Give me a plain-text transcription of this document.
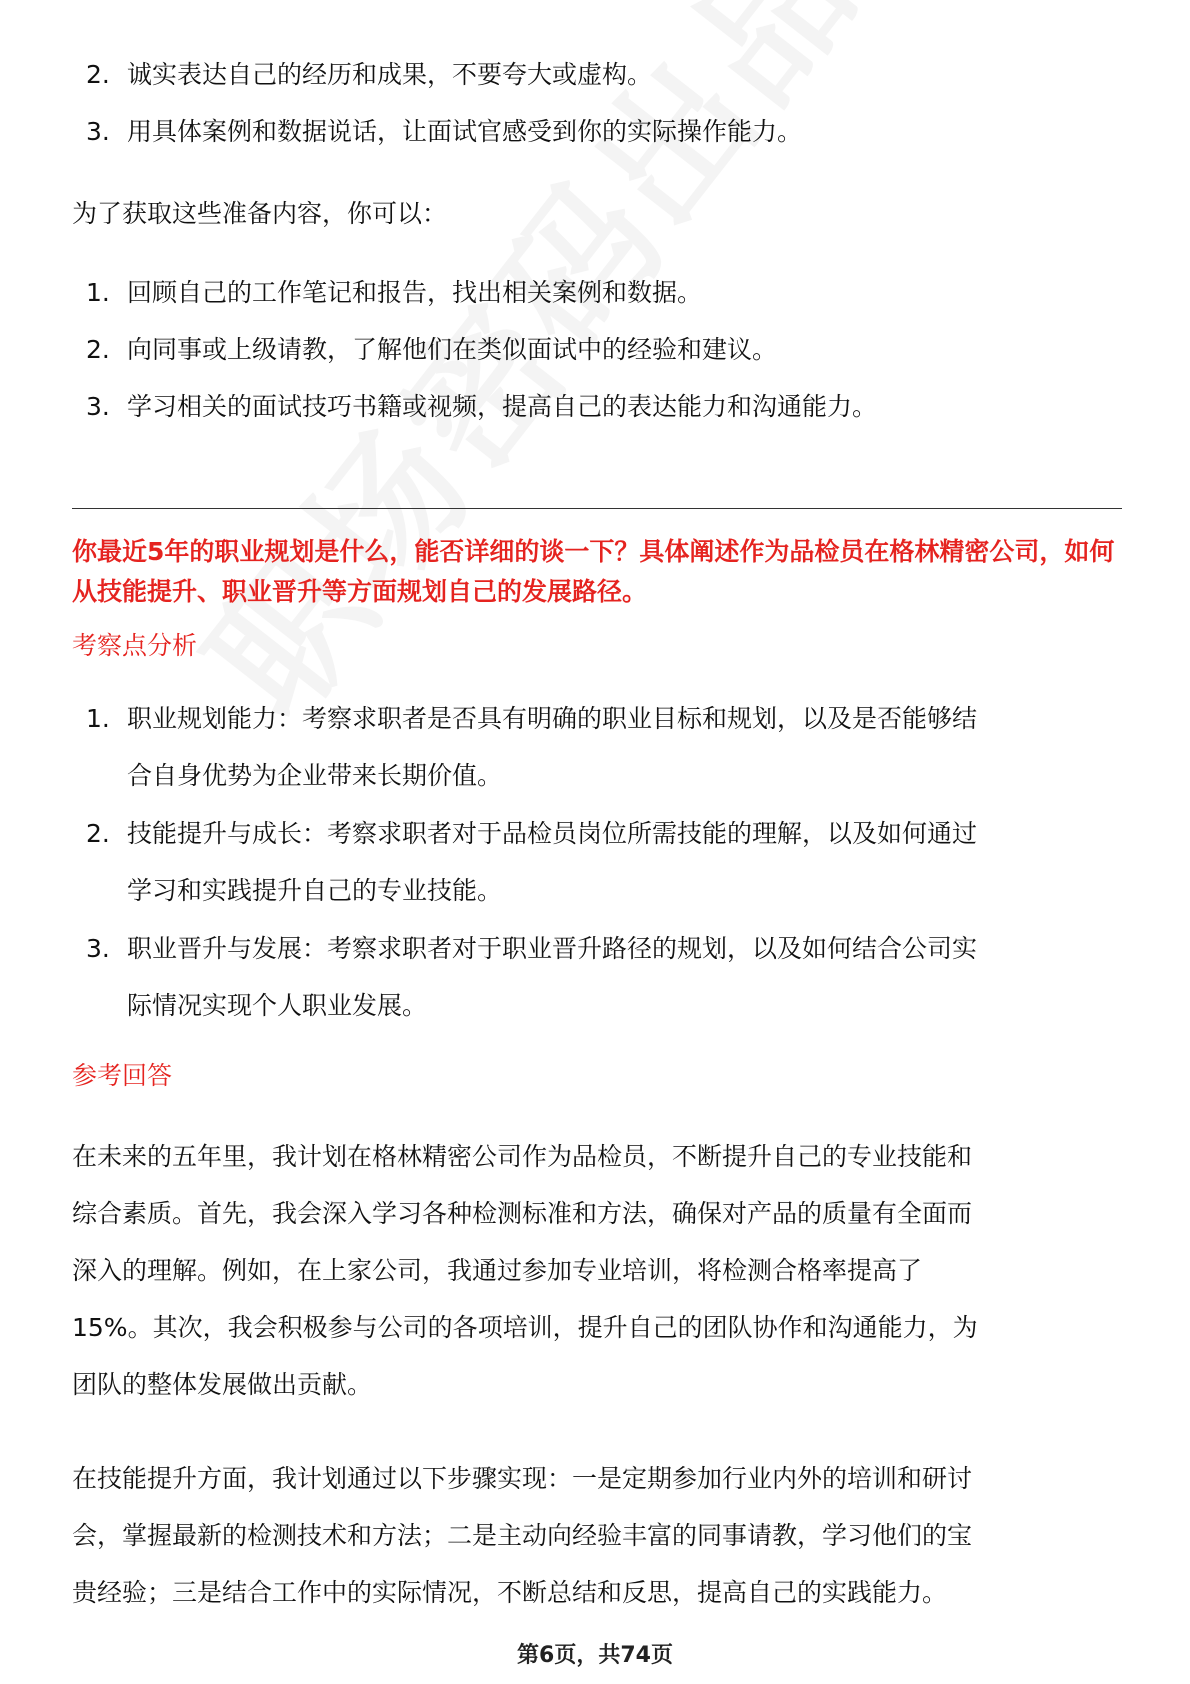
2. 诚实表达自己的经历和成果，不要夸大或虚构。
3. 用具体案例和数据说话，让面试官感受到你的实际操作能力。

为了获取这些准备内容，你可以：

1. 回顾自己的工作笔记和报告，找出相关案例和数据。
2. 向同事或上级请教，了解他们在类似面试中的经验和建议。
3. 学习相关的面试技巧书籍或视频，提高自己的表达能力和沟通能力。

你最近5年的职业规划是什么，能否详细的谈一下？具体阐述作为品检员在格林精密公司，如何从技能提升、职业晋升等方面规划自己的发展路径。

考察点分析

1. 职业规划能力：考察求职者是否具有明确的职业目标和规划，以及是否能够结
合自身优势为企业带来长期价值。
2. 技能提升与成长：考察求职者对于品检员岗位所需技能的理解，以及如何通过
学习和实践提升自己的专业技能。
3. 职业晋升与发展：考察求职者对于职业晋升路径的规划，以及如何结合公司实
际情况实现个人职业发展。

参考回答

在未来的五年里，我计划在格林精密公司作为品检员，不断提升自己的专业技能和

综合素质。首先，我会深入学习各种检测标准和方法，确保对产品的质量有全面而

深入的理解。例如，在上家公司，我通过参加专业培训，将检测合格率提高了

15%。其次，我会积极参与公司的各项培训，提升自己的团队协作和沟通能力，为

团队的整体发展做出贡献。

在技能提升方面，我计划通过以下步骤实现：一是定期参加行业内外的培训和研讨

会，掌握最新的检测技术和方法；二是主动向经验丰富的同事请教，学习他们的宝

贵经验；三是结合工作中的实际情况，不断总结和反思，提高自己的实践能力。

第6页，共74页
